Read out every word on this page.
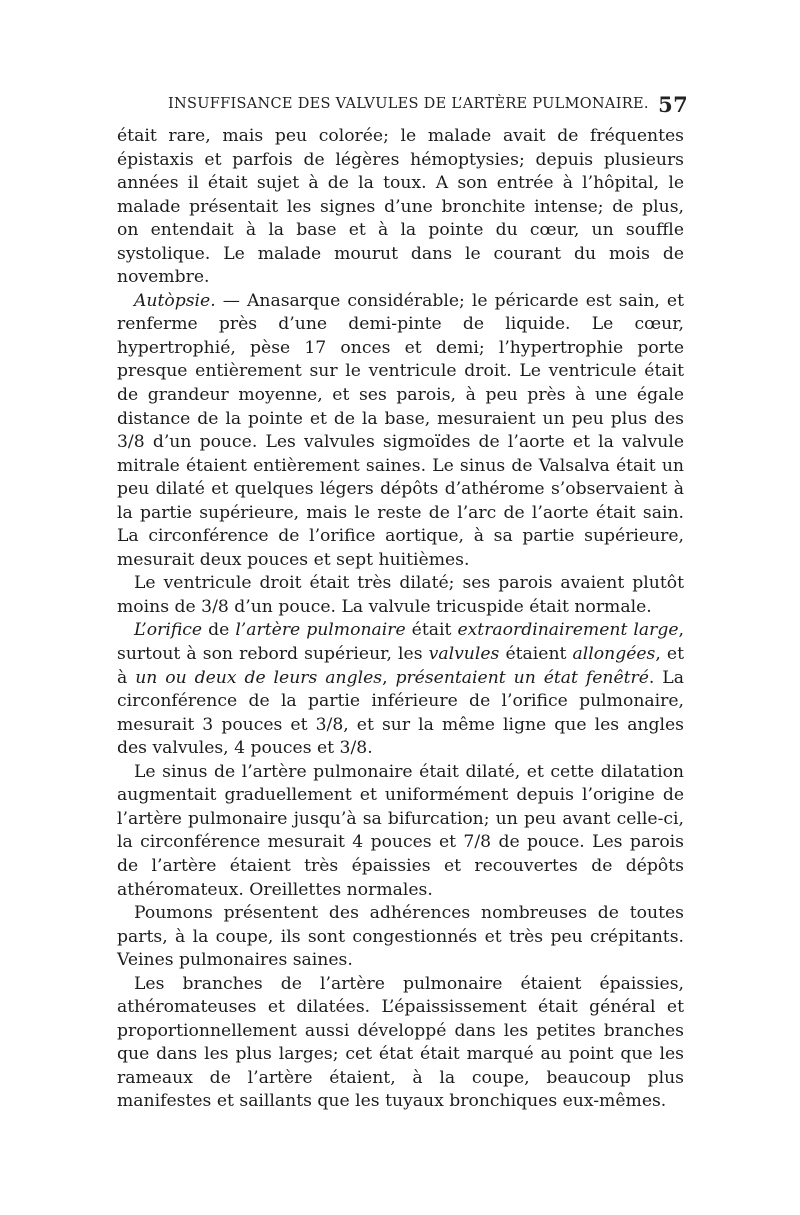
INSUFFISANCE DES VALVULES DE L’ARTÈRE PULMONAIRE. 57

était rare, mais peu colorée; le malade avait de fréquentes épistaxis et parfois de légères hémoptysies; depuis plusieurs années il était sujet à de la toux. A son entrée à l’hôpital, le malade présentait les signes d’une bronchite intense; de plus, on entendait à la base et à la pointe du cœur, un souffle systolique. Le malade mourut dans le courant du mois de novembre.

Autòpsie. — Anasarque considérable; le péricarde est sain, et renferme près d’une demi-pinte de liquide. Le cœur, hypertrophié, pèse 17 onces et demi; l’hypertrophie porte presque entièrement sur le ventricule droit. Le ventricule était de grandeur moyenne, et ses parois, à peu près à une égale distance de la pointe et de la base, mesuraient un peu plus des 3/8 d’un pouce. Les valvules sigmoïdes de l’aorte et la valvule mitrale étaient entièrement saines. Le sinus de Valsalva était un peu dilaté et quelques légers dépôts d’athérome s’observaient à la partie supérieure, mais le reste de l’arc de l’aorte était sain. La circonférence de l’orifice aortique, à sa partie supérieure, mesurait deux pouces et sept huitièmes.

Le ventricule droit était très dilaté; ses parois avaient plutôt moins de 3/8 d’un pouce. La valvule tricuspide était normale.

L’orifice de l’artère pulmonaire était extraordinairement large, surtout à son rebord supérieur, les valvules étaient allongées, et à un ou deux de leurs angles, présentaient un état fenêtré. La circonférence de la partie inférieure de l’orifice pulmonaire, mesurait 3 pouces et 3/8, et sur la même ligne que les angles des valvules, 4 pouces et 3/8.

Le sinus de l’artère pulmonaire était dilaté, et cette dilatation augmentait graduellement et uniformément depuis l’origine de l’artère pulmonaire jusqu’à sa bifurcation; un peu avant celle-ci, la circonférence mesurait 4 pouces et 7/8 de pouce. Les parois de l’artère étaient très épaissies et recouvertes de dépôts athéromateux. Oreillettes normales.

Poumons présentent des adhérences nombreuses de toutes parts, à la coupe, ils sont congestionnés et très peu crépitants. Veines pulmonaires saines.

Les branches de l’artère pulmonaire étaient épaissies, athéromateuses et dilatées. L’épaississement était général et proportionnellement aussi développé dans les petites branches que dans les plus larges; cet état était marqué au point que les rameaux de l’artère étaient, à la coupe, beaucoup plus manifestes et saillants que les tuyaux bronchiques eux-mêmes.
